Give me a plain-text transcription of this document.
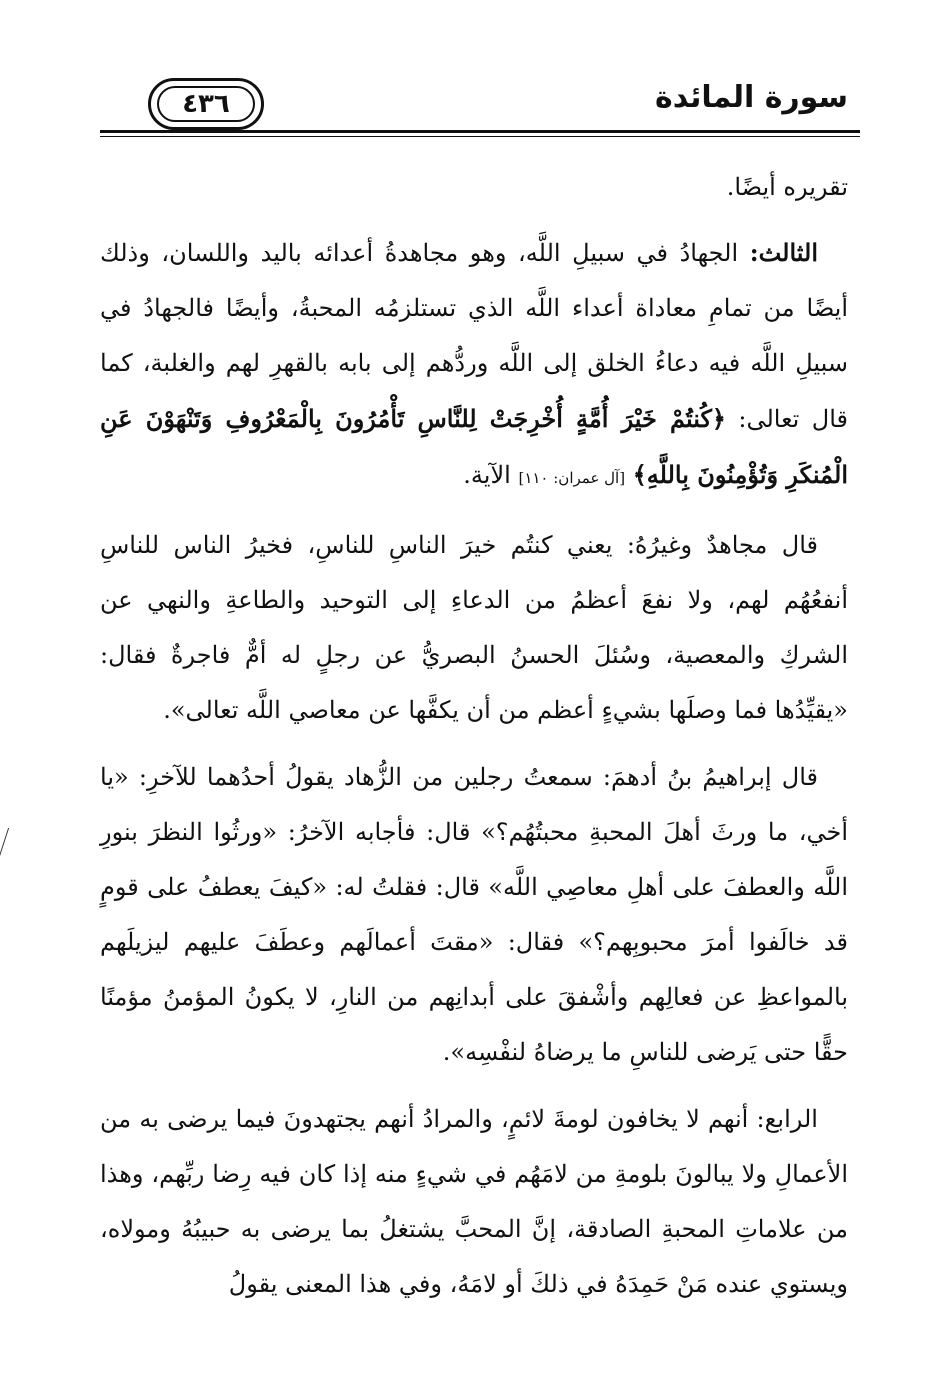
٤٣٦	سورة المائدة

تقريره أيضًا.

الثالث: الجهادُ في سبيلِ اللَّه، وهو مجاهدةُ أعدائه باليد واللسان، وذلك أيضًا من تمامِ معاداة أعداء اللَّه الذي تستلزمُه المحبةُ، وأيضًا فالجهادُ في سبيلِ اللَّه فيه دعاءُ الخلق إلى اللَّه وردُّهم إلى بابه بالقهرِ لهم والغلبة، كما قال تعالى: ﴿كُنتُمْ خَيْرَ أُمَّةٍ أُخْرِجَتْ لِلنَّاسِ تَأْمُرُونَ بِالْمَعْرُوفِ وَتَنْهَوْنَ عَنِ الْمُنكَرِ وَتُؤْمِنُونَ بِاللَّهِ﴾ [آل عمران: ١١٠] الآية.

قال مجاهدٌ وغيرُهُ: يعني كنتُم خيرَ الناسِ للناسِ، فخيرُ الناس للناسِ أنفعُهُم لهم، ولا نفعَ أعظمُ من الدعاءِ إلى التوحيد والطاعةِ والنهي عن الشركِ والمعصية، وسُئلَ الحسنُ البصريُّ عن رجلٍ له أمٌّ فاجرةٌ فقال: «يقيِّدُها فما وصلَها بشيءٍ أعظم من أن يكفَّها عن معاصي اللَّه تعالى».

قال إبراهيمُ بنُ أدهمَ: سمعتُ رجلين من الزُّهاد يقولُ أحدُهما للآخرِ: «يا أخي، ما ورثَ أهلَ المحبةِ محبتُهُم؟» قال: فأجابه الآخرُ: «ورثُوا النظرَ بنورِ اللَّه والعطفَ على أهلِ معاصِي اللَّه» قال: فقلتُ له: «كيفَ يعطفُ على قومٍ قد خالَفوا أمرَ محبوبِهم؟» فقال: «مقتَ أعمالَهم وعطَفَ عليهم ليزيلَهم بالمواعظِ عن فعالِهم وأشْفقَ على أبدانِهم من النارِ، لا يكونُ المؤمنُ مؤمنًا حقًّا حتى يَرضى للناسِ ما يرضاهُ لنفْسِه».

الرابع: أنهم لا يخافون لومةَ لائمٍ، والمرادُ أنهم يجتهدونَ فيما يرضى به من الأعمالِ ولا يبالونَ بلومةِ من لامَهُم في شيءٍ منه إذا كان فيه رِضا ربِّهم، وهذا من علاماتِ المحبةِ الصادقة، إنَّ المحبَّ يشتغلُ بما يرضى به حبيبُهُ ومولاه، ويستوي عنده مَنْ حَمِدَهُ في ذلكَ أو لامَهُ، وفي هذا المعنى يقولُ
